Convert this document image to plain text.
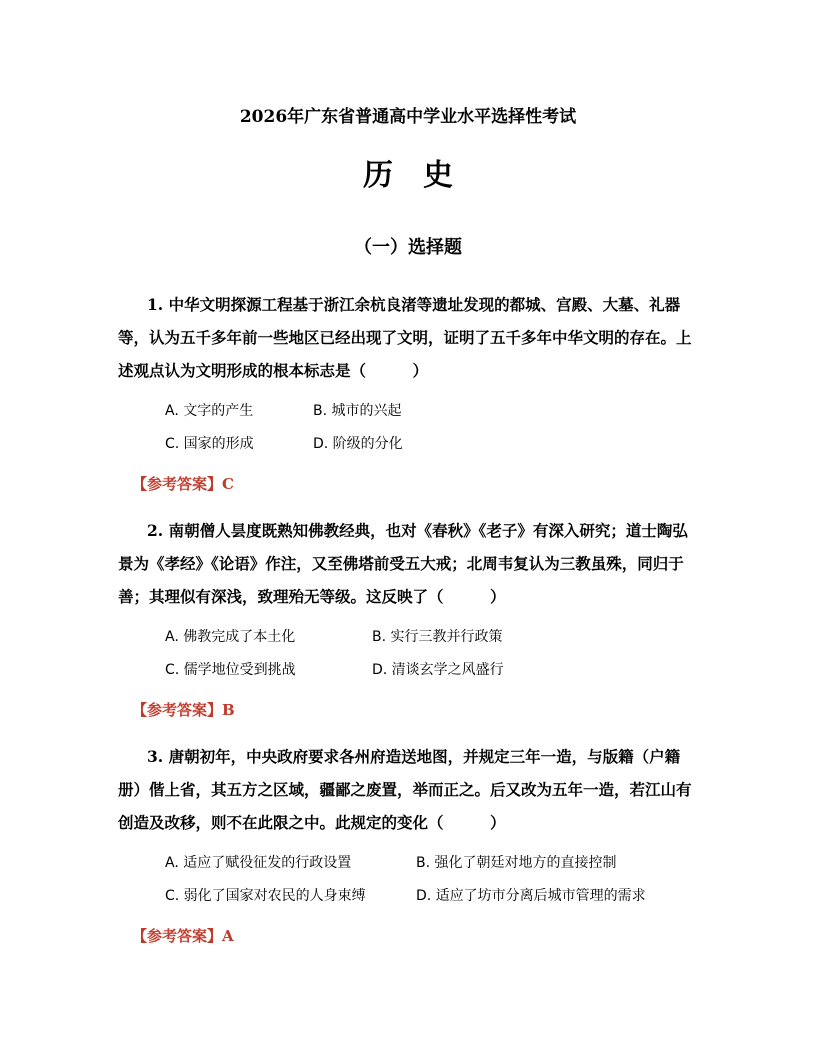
2026年广东省普通高中学业水平选择性考试
历　史
（一）选择题

1. 中华文明探源工程基于浙江余杭良渚等遗址发现的都城、宫殿、大墓、礼器等，认为五千多年前一些地区已经出现了文明，证明了五千多年中华文明的存在。上述观点认为文明形成的根本标志是（　　　）

A. 文字的产生	B. 城市的兴起
C. 国家的形成	D. 阶级的分化
【参考答案】C

2. 南朝僧人昙度既熟知佛教经典，也对《春秋》《老子》有深入研究；道士陶弘景为《孝经》《论语》作注，又至佛塔前受五大戒；北周韦复认为三教虽殊，同归于善；其理似有深浅，致理殆无等级。这反映了（　　　）

A. 佛教完成了本土化	B. 实行三教并行政策
C. 儒学地位受到挑战	D. 清谈玄学之风盛行
【参考答案】B

3. 唐朝初年，中央政府要求各州府造送地图，并规定三年一造，与版籍（户籍册）偕上省，其五方之区域，疆鄙之废置，举而正之。后又改为五年一造，若江山有创造及改移，则不在此限之中。此规定的变化（　　　）

A. 适应了赋役征发的行政设置	B. 强化了朝廷对地方的直接控制
C. 弱化了国家对农民的人身束缚	D. 适应了坊市分离后城市管理的需求
【参考答案】A
